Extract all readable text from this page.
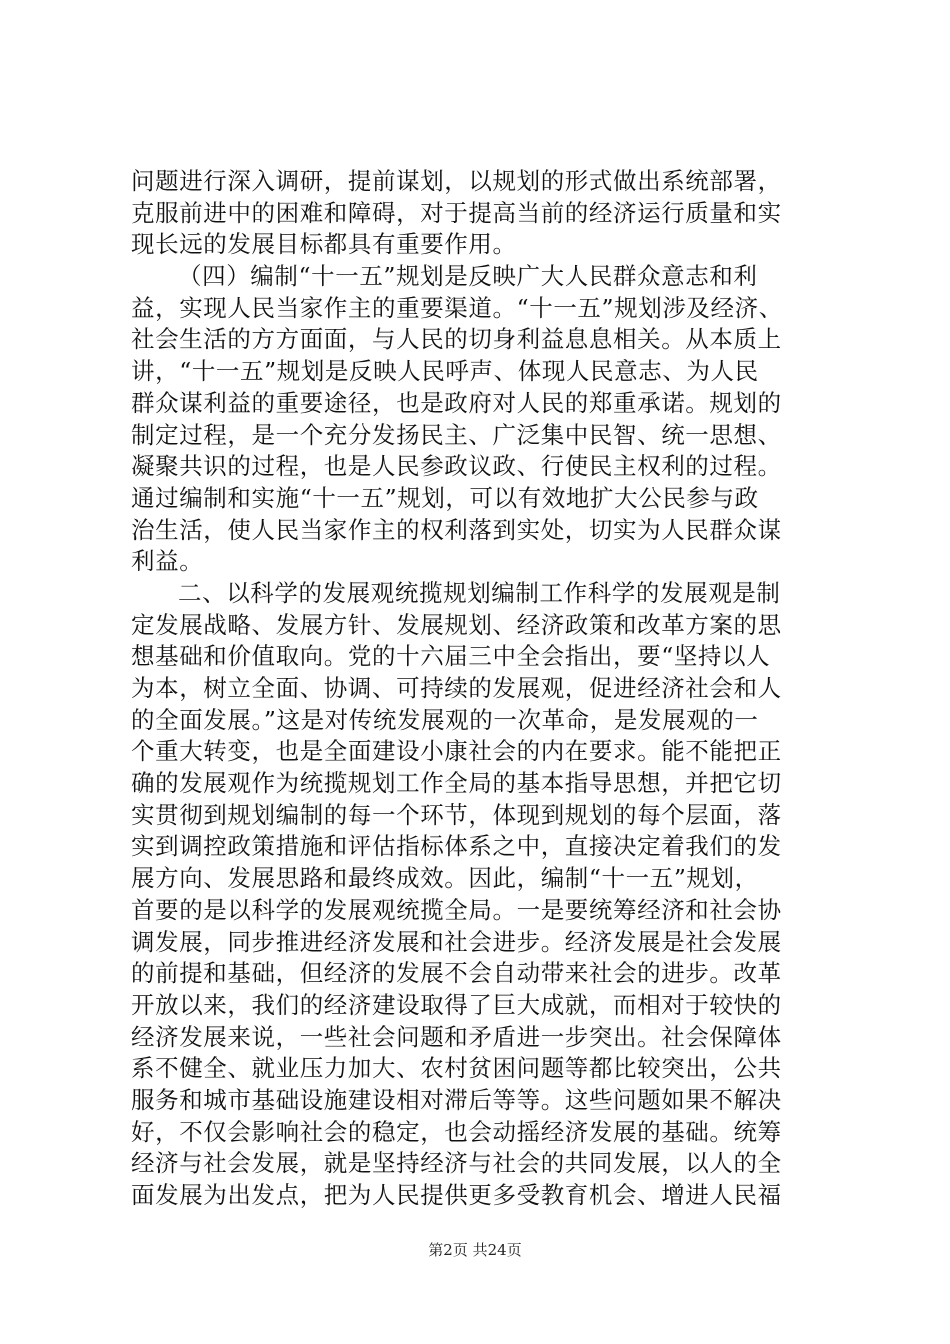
问题进行深入调研，提前谋划，以规划的形式做出系统部署，
克服前进中的困难和障碍，对于提高当前的经济运行质量和实
现长远的发展目标都具有重要作用。
（四）编制“十一五”规划是反映广大人民群众意志和利
益，实现人民当家作主的重要渠道。“十一五”规划涉及经济、
社会生活的方方面面，与人民的切身利益息息相关。从本质上
讲，“十一五”规划是反映人民呼声、体现人民意志、为人民
群众谋利益的重要途径，也是政府对人民的郑重承诺。规划的
制定过程，是一个充分发扬民主、广泛集中民智、统一思想、
凝聚共识的过程，也是人民参政议政、行使民主权利的过程。
通过编制和实施“十一五”规划，可以有效地扩大公民参与政
治生活，使人民当家作主的权利落到实处，切实为人民群众谋
利益。
二、以科学的发展观统揽规划编制工作科学的发展观是制
定发展战略、发展方针、发展规划、经济政策和改革方案的思
想基础和价值取向。党的十六届三中全会指出，要“坚持以人
为本，树立全面、协调、可持续的发展观，促进经济社会和人
的全面发展。”这是对传统发展观的一次革命，是发展观的一
个重大转变，也是全面建设小康社会的内在要求。能不能把正
确的发展观作为统揽规划工作全局的基本指导思想，并把它切
实贯彻到规划编制的每一个环节，体现到规划的每个层面，落
实到调控政策措施和评估指标体系之中，直接决定着我们的发
展方向、发展思路和最终成效。因此，编制“十一五”规划，
首要的是以科学的发展观统揽全局。一是要统筹经济和社会协
调发展，同步推进经济发展和社会进步。经济发展是社会发展
的前提和基础，但经济的发展不会自动带来社会的进步。改革
开放以来，我们的经济建设取得了巨大成就，而相对于较快的
经济发展来说，一些社会问题和矛盾进一步突出。社会保障体
系不健全、就业压力加大、农村贫困问题等都比较突出，公共
服务和城市基础设施建设相对滞后等等。这些问题如果不解决
好，不仅会影响社会的稳定，也会动摇经济发展的基础。统筹
经济与社会发展，就是坚持经济与社会的共同发展，以人的全
面发展为出发点，把为人民提供更多受教育机会、增进人民福
第2页 共24页
